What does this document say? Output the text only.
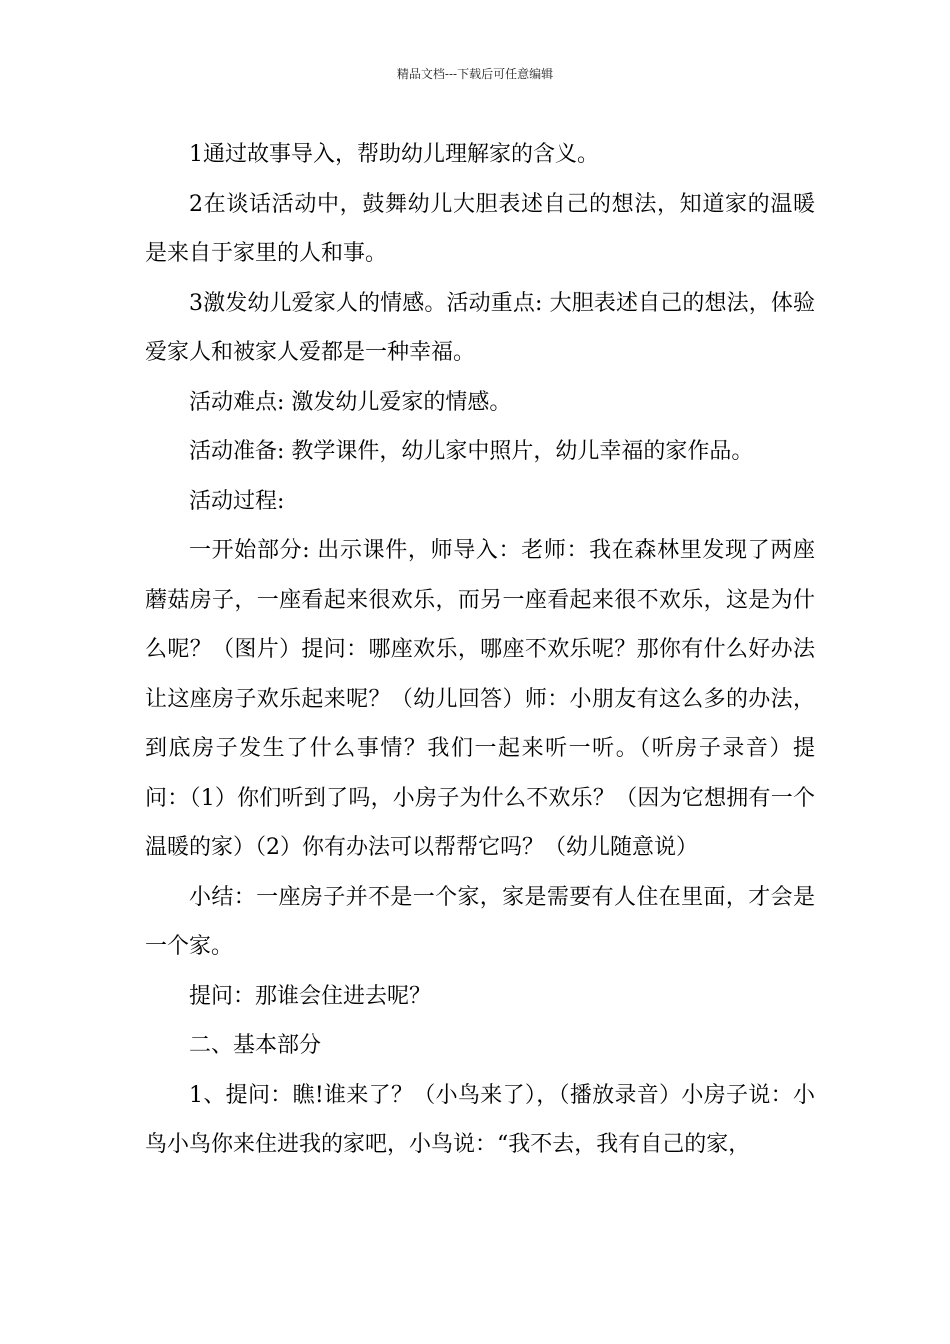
精品文档---下载后可任意编辑

1通过故事导入，帮助幼儿理解家的含义。

2在谈话活动中，鼓舞幼儿大胆表述自己的想法，知道家的温暖是来自于家里的人和事。

3激发幼儿爱家人的情感。活动重点: 大胆表述自己的想法，体验爱家人和被家人爱都是一种幸福。

活动难点: 激发幼儿爱家的情感。

活动准备: 教学课件，幼儿家中照片，幼儿幸福的家作品。

活动过程:

一开始部分: 出示课件，师导入：老师：我在森林里发现了两座蘑菇房子，一座看起来很欢乐，而另一座看起来很不欢乐，这是为什么呢？（图片）提问：哪座欢乐，哪座不欢乐呢？那你有什么好办法让这座房子欢乐起来呢？（幼儿回答）师：小朋友有这么多的办法，到底房子发生了什么事情？我们一起来听一听。（听房子录音）提问：（1）你们听到了吗，小房子为什么不欢乐？（因为它想拥有一个温暖的家）（2）你有办法可以帮帮它吗？（幼儿随意说）

小结：一座房子并不是一个家，家是需要有人住在里面，才会是一个家。

提问：那谁会住进去呢？

二、基本部分

1、提问：瞧!谁来了？（小鸟来了），（播放录音）小房子说：小鸟小鸟你来住进我的家吧，小鸟说：“我不去，我有自己的家，
